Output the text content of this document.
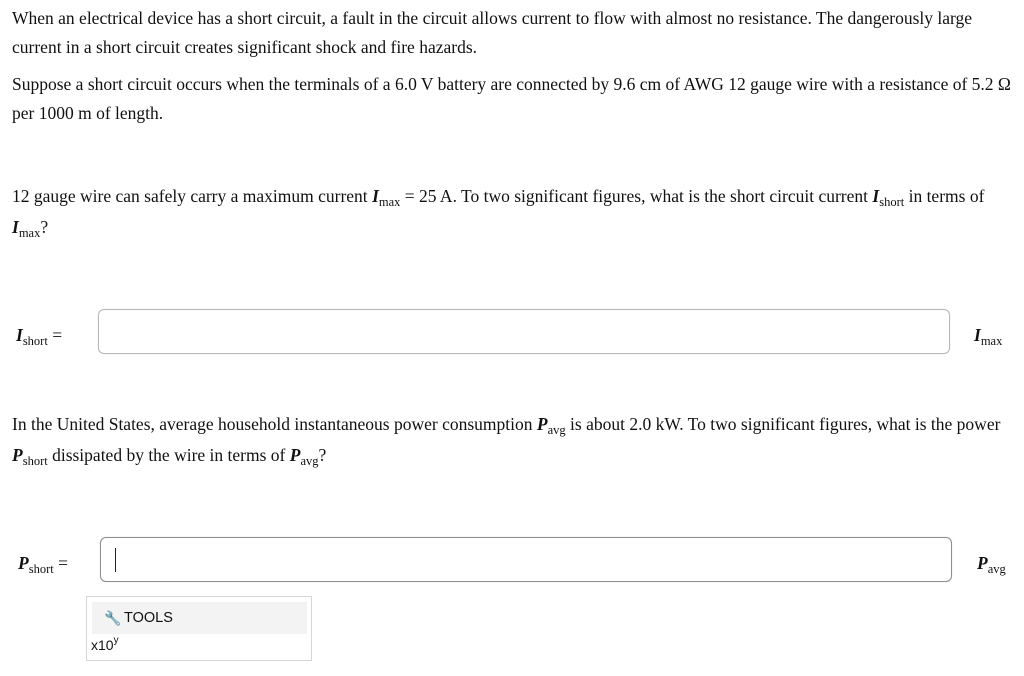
When an electrical device has a short circuit, a fault in the circuit allows current to flow with almost no resistance. The dangerously large current in a short circuit creates significant shock and fire hazards.

Suppose a short circuit occurs when the terminals of a 6.0 V battery are connected by 9.6 cm of AWG 12 gauge wire with a resistance of 5.2 Ω per 1000 m of length.

12 gauge wire can safely carry a maximum current $I_{max} = 25$ A. To two significant figures, what is the short circuit current $I_{short}$ in terms of $I_{max}$?

$I_{short}$ =	$I_{max}$

In the United States, average household instantaneous power consumption $P_{avg}$ is about 2.0 kW. To two significant figures, what is the power $P_{short}$ dissipated by the wire in terms of $P_{avg}$?

$P_{short}$ =	$P_{avg}$
🔧 TOOLS
x10$^y$
